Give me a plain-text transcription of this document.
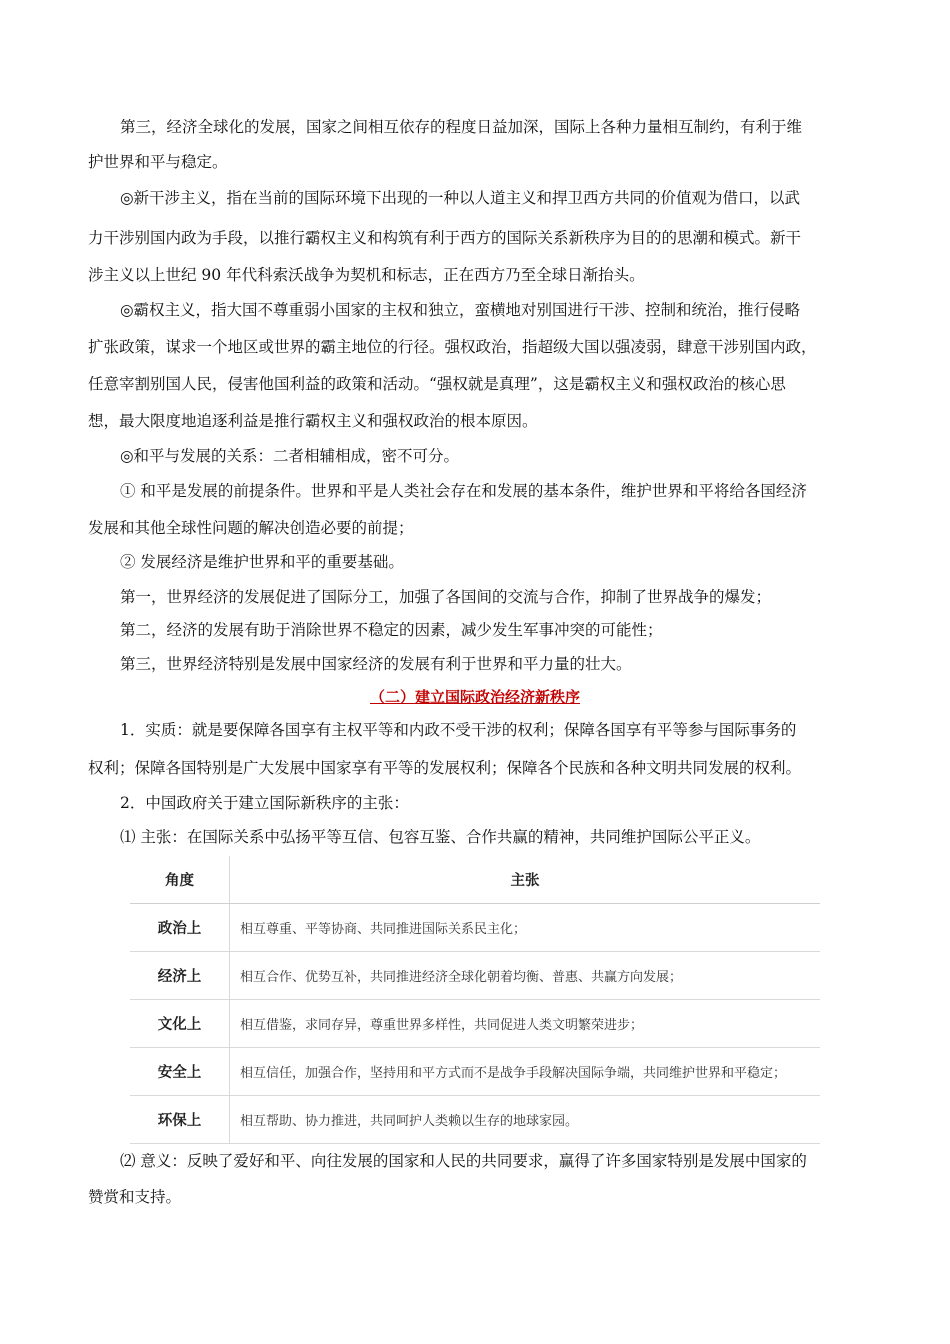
第三，经济全球化的发展，国家之间相互依存的程度日益加深，国际上各种力量相互制约，有利于维
护世界和平与稳定。
◎新干涉主义，指在当前的国际环境下出现的一种以人道主义和捍卫西方共同的价值观为借口，以武
力干涉别国内政为手段，以推行霸权主义和构筑有利于西方的国际关系新秩序为目的的思潮和模式。新干
涉主义以上世纪 90 年代科索沃战争为契机和标志，正在西方乃至全球日渐抬头。
◎霸权主义，指大国不尊重弱小国家的主权和独立，蛮横地对别国进行干涉、控制和统治，推行侵略
扩张政策，谋求一个地区或世界的霸主地位的行径。强权政治，指超级大国以强凌弱，肆意干涉别国内政，
任意宰割别国人民，侵害他国利益的政策和活动。“强权就是真理”，这是霸权主义和强权政治的核心思
想，最大限度地追逐利益是推行霸权主义和强权政治的根本原因。
◎和平与发展的关系：二者相辅相成，密不可分。
① 和平是发展的前提条件。世界和平是人类社会存在和发展的基本条件，维护世界和平将给各国经济
发展和其他全球性问题的解决创造必要的前提；
② 发展经济是维护世界和平的重要基础。
第一，世界经济的发展促进了国际分工，加强了各国间的交流与合作，抑制了世界战争的爆发；
第二，经济的发展有助于消除世界不稳定的因素，减少发生军事冲突的可能性；
第三，世界经济特别是发展中国家经济的发展有利于世界和平力量的壮大。
（二）建立国际政治经济新秩序
1．实质：就是要保障各国享有主权平等和内政不受干涉的权利；保障各国享有平等参与国际事务的
权利；保障各国特别是广大发展中国家享有平等的发展权利；保障各个民族和各种文明共同发展的权利。
2．中国政府关于建立国际新秩序的主张：
⑴ 主张：在国际关系中弘扬平等互信、包容互鉴、合作共赢的精神，共同维护国际公平正义。
角度	主张
政治上	相互尊重、平等协商、共同推进国际关系民主化；
经济上	相互合作、优势互补，共同推进经济全球化朝着均衡、普惠、共赢方向发展；
文化上	相互借鉴，求同存异，尊重世界多样性，共同促进人类文明繁荣进步；
安全上	相互信任，加强合作，坚持用和平方式而不是战争手段解决国际争端，共同维护世界和平稳定；
环保上	相互帮助、协力推进，共同呵护人类赖以生存的地球家园。
⑵ 意义：反映了爱好和平、向往发展的国家和人民的共同要求，赢得了许多国家特别是发展中国家的
赞赏和支持。
